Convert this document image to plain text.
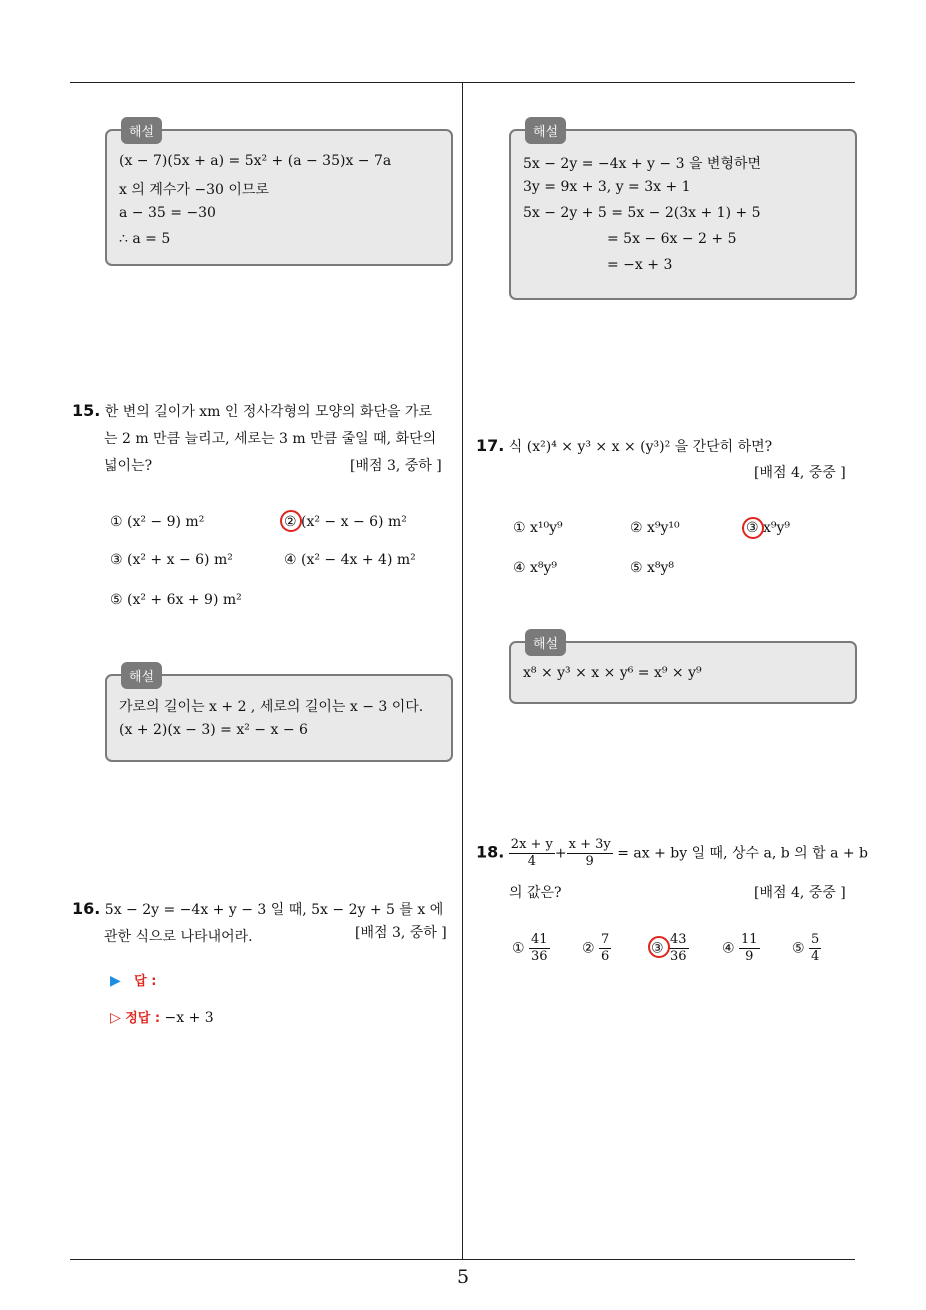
해설
(x − 7)(5x + a) = 5x² + (a − 35)x − 7a
x 의 계수가 −30 이므로
a − 35 = −30
∴ a = 5
해설
5x − 2y = −4x + y − 3 을 변형하면
3y = 9x + 3, y = 3x + 1
5x − 2y + 5 = 5x − 2(3x + 1) + 5
= 5x − 6x − 2 + 5
= −x + 3
15. 한 변의 길이가 xm 인 정사각형의 모양의 화단을 가로
는 2 m 만큼 늘리고, 세로는 3 m 만큼 줄일 때, 화단의
넓이는?	[배점 3, 중하 ]
① (x² − 9) m²	② (x² − x − 6) m²
③ (x² + x − 6) m²	④ (x² − 4x + 4) m²
⑤ (x² + 6x + 9) m²
해설
가로의 길이는 x + 2 , 세로의 길이는 x − 3 이다.
(x + 2)(x − 3) = x² − x − 6
16. 5x − 2y = −4x + y − 3 일 때, 5x − 2y + 5 를 x 에
관한 식으로 나타내어라.	[배점 3, 중하 ]
▶ 답 :
▷ 정답 : −x + 3
17. 식 (x²)⁴ × y³ × x × (y³)² 을 간단히 하면?
[배점 4, 중중 ]
① x¹⁰y⁹	② x⁹y¹⁰	③ x⁹y⁹
④ x⁸y⁹	⑤ x⁸y⁸
해설
x⁸ × y³ × x × y⁶ = x⁹ × y⁹
18. $\frac{2x + y}{4} + \frac{x + 3y}{9}$ = ax + by 일 때, 상수 a, b 의 합 a + b
의 값은?	[배점 4, 중중 ]
① $\frac{41}{36}$ ② $\frac{7}{6}$	③ $\frac{43}{36}$ ④ $\frac{11}{9}$ ⑤ $\frac{5}{4}$
5
